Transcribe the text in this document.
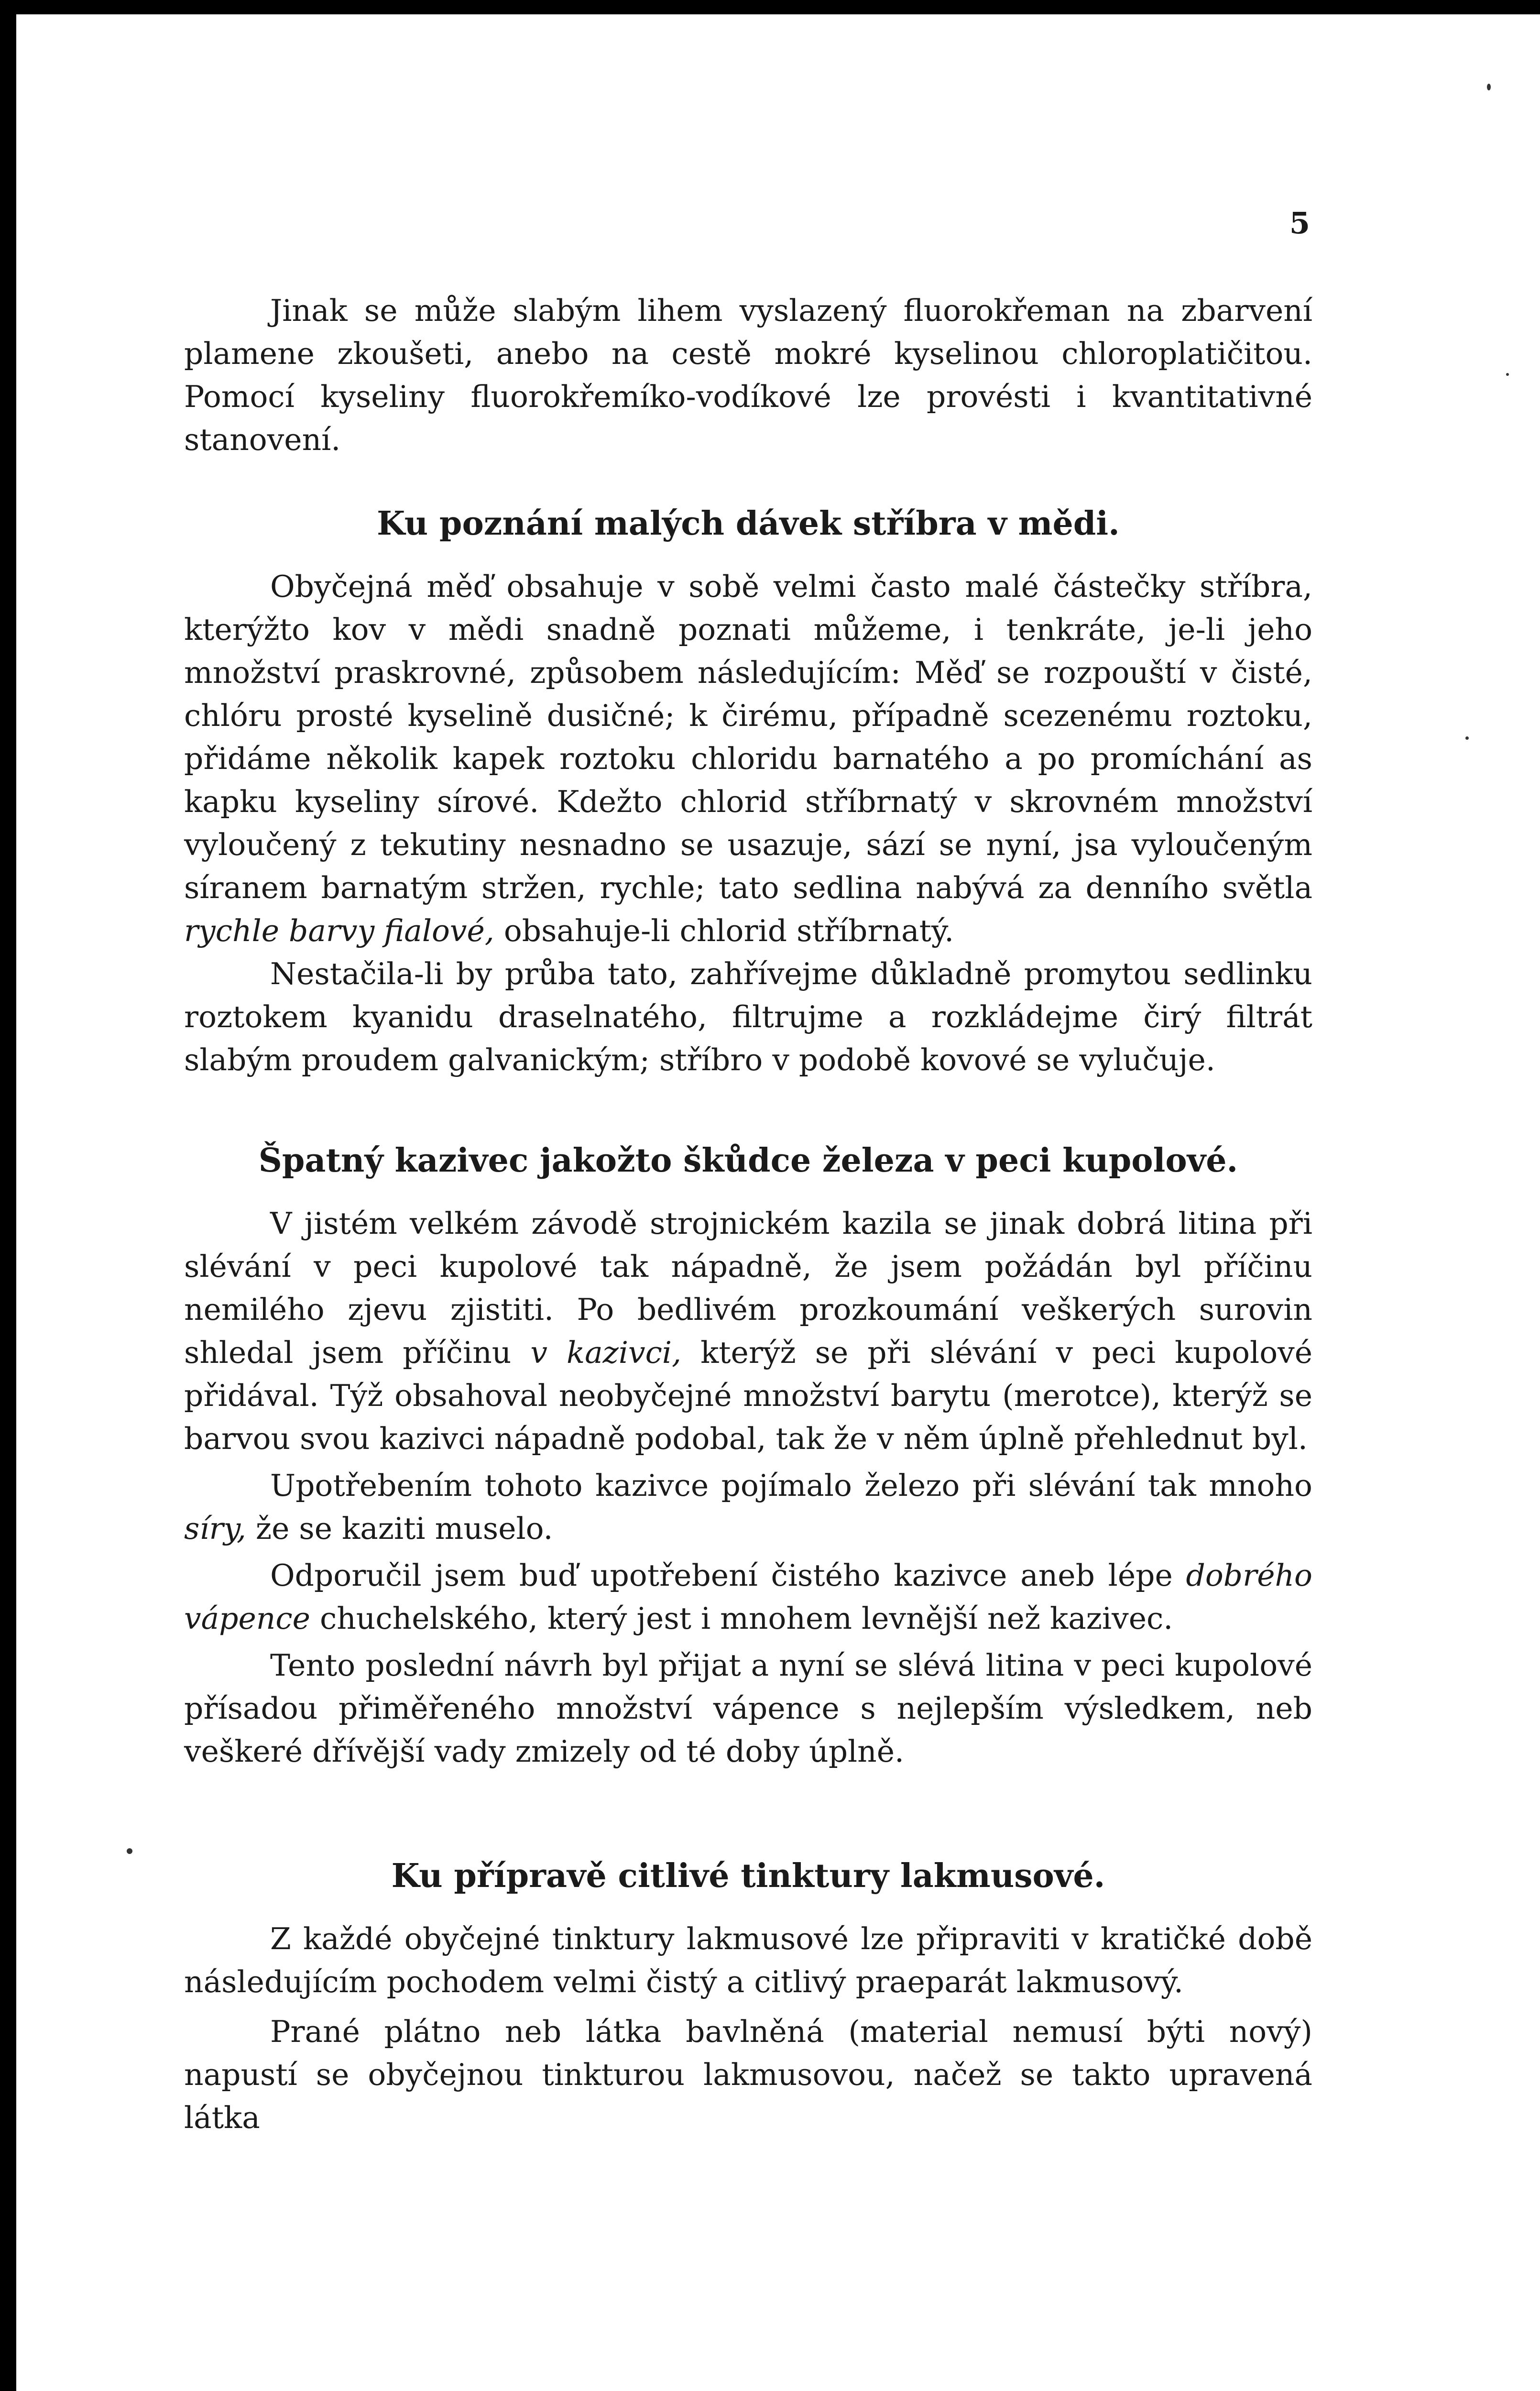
5

Jinak se může slabým lihem vyslazený fluorokřeman na zbarvení plamene zkoušeti, anebo na cestě mokré kyselinou chloroplatičitou. Pomocí kyseliny fluorokřemíko-vodíkové lze provésti i kvantitativné stanovení.

Ku poznání malých dávek stříbra v mědi.

Obyčejná měď obsahuje v sobě velmi často malé částečky stříbra, kterýžto kov v mědi snadně poznati můžeme, i tenkráte, je-li jeho množství praskrovné, způsobem následujícím: Měď se rozpouští v čisté, chlóru prosté kyselině dusičné; k čirému, případně scezenému roztoku, přidáme několik kapek roztoku chloridu barnatého a po promíchání as kapku kyseliny sírové. Kdežto chlorid stříbrnatý v skrovném množství vyloučený z tekutiny nesnadno se usazuje, sází se nyní, jsa vyloučeným síranem barnatým stržen, rychle; tato sedlina nabývá za denního světla rychle barvy fialové, obsahuje-li chlorid stříbrnatý.

Nestačila-li by průba tato, zahřívejme důkladně promytou sedlinku roztokem kyanidu draselnatého, filtrujme a rozkládejme čirý filtrát slabým proudem galvanickým; stříbro v podobě kovové se vylučuje.

Špatný kazivec jakožto škůdce železa v peci kupolové.

V jistém velkém závodě strojnickém kazila se jinak dobrá litina při slévání v peci kupolové tak nápadně, že jsem požádán byl příčinu nemilého zjevu zjistiti. Po bedlivém prozkoumání veškerých surovin shledal jsem příčinu v kazivci, kterýž se při slévání v peci kupolové přidával. Týž obsahoval neobyčejné množství barytu (merotce), kterýž se barvou svou kazivci nápadně podobal, tak že v něm úplně přehlednut byl.

Upotřebením tohoto kazivce pojímalo železo při slévání tak mnoho síry, že se kaziti muselo.

Odporučil jsem buď upotřebení čistého kazivce aneb lépe dobrého vápence chuchelského, který jest i mnohem levnější než kazivec.

Tento poslední návrh byl přijat a nyní se slévá litina v peci kupolové přísadou přiměřeného množství vápence s nejlepším výsledkem, neb veškeré dřívější vady zmizely od té doby úplně.

Ku přípravě citlivé tinktury lakmusové.

Z každé obyčejné tinktury lakmusové lze připraviti v kratičké době následujícím pochodem velmi čistý a citlivý praeparát lakmusový.

Prané plátno neb látka bavlněná (material nemusí býti nový) napustí se obyčejnou tinkturou lakmusovou, načež se takto upravená látka
